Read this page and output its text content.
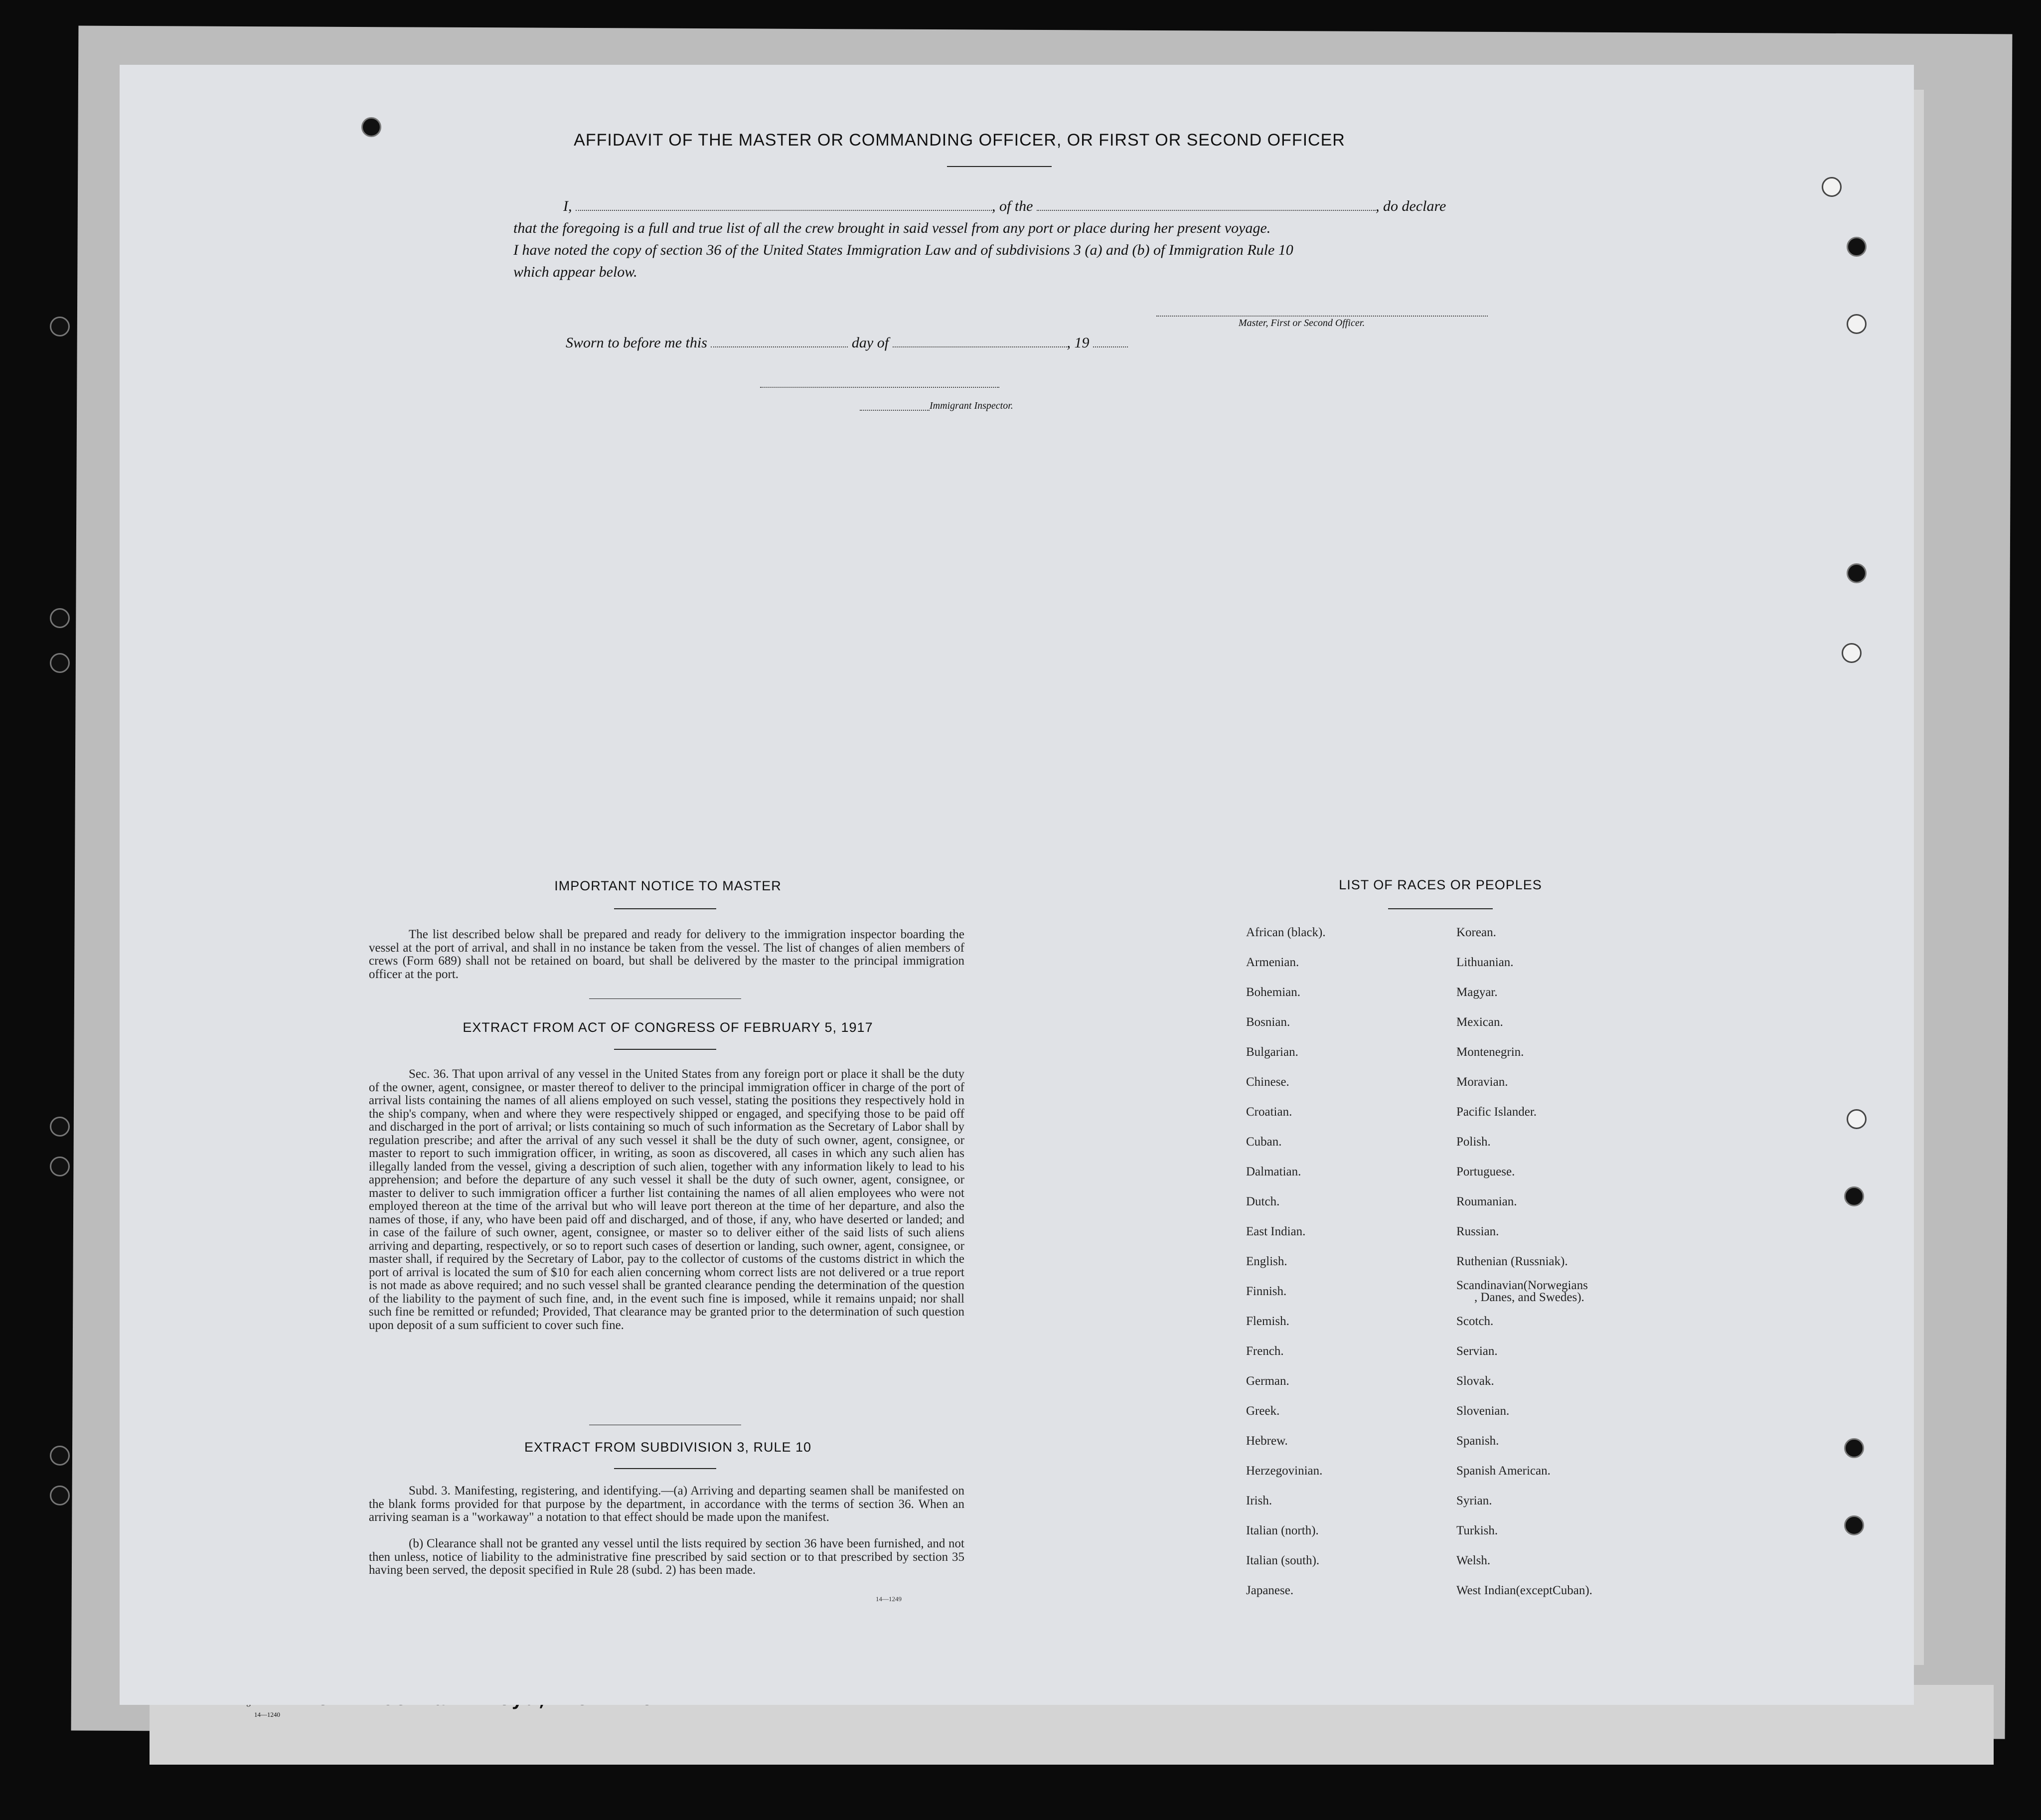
14—1240
AFFIDAVIT OF THE MASTER OR COMMANDING OFFICER, OR FIRST OR SECOND OFFICER
I,	, of the	, do declare
that the foregoing is a full and true list of all the crew brought in said vessel from any port or place during her present voyage.
I have noted the copy of section 36 of the United States Immigration Law and of subdivisions 3 (a) and (b) of Immigration Rule 10
which appear below.
Master, First or Second Officer.
Sworn to before me this	day of	, 19
Immigrant Inspector.
IMPORTANT NOTICE TO MASTER
The list described below shall be prepared and ready for delivery to the immigration inspector boarding the vessel at the port of arrival, and shall in no instance be taken from the vessel. The list of changes of alien members of crews (Form 689) shall not be retained on board, but shall be delivered by the master to the principal immigration officer at the port.
EXTRACT FROM ACT OF CONGRESS OF FEBRUARY 5, 1917
Sec. 36. That upon arrival of any vessel in the United States from any foreign port or place it shall be the duty of the owner, agent, consignee, or master thereof to deliver to the principal immigration officer in charge of the port of arrival lists containing the names of all aliens employed on such vessel, stating the positions they respectively hold in the ship's company, when and where they were respectively shipped or engaged, and specifying those to be paid off and discharged in the port of arrival; or lists containing so much of such information as the Secretary of Labor shall by regulation prescribe; and after the arrival of any such vessel it shall be the duty of such owner, agent, consignee, or master to report to such immigration officer, in writing, as soon as discovered, all cases in which any such alien has illegally landed from the vessel, giving a description of such alien, together with any information likely to lead to his apprehension; and before the departure of any such vessel it shall be the duty of such owner, agent, consignee, or master to deliver to such immigration officer a further list containing the names of all alien employees who were not employed thereon at the time of the arrival but who will leave port thereon at the time of her departure, and also the names of those, if any, who have been paid off and discharged, and of those, if any, who have deserted or landed; and in case of the failure of such owner, agent, consignee, or master so to deliver either of the said lists of such aliens arriving and departing, respectively, or so to report such cases of desertion or landing, such owner, agent, consignee, or master shall, if required by the Secretary of Labor, pay to the collector of customs of the customs district in which the port of arrival is located the sum of $10 for each alien concerning whom correct lists are not delivered or a true report is not made as above required; and no such vessel shall be granted clearance pending the determination of the question of the liability to the payment of such fine, and, in the event such fine is imposed, while it remains unpaid; nor shall such fine be remitted or refunded; Provided, That clearance may be granted prior to the determination of such question upon deposit of a sum sufficient to cover such fine.
EXTRACT FROM SUBDIVISION 3, RULE 10
Subd. 3. Manifesting, registering, and identifying.—(a) Arriving and departing seamen shall be manifested on the blank forms provided for that purpose by the department, in accordance with the terms of section 36. When an arriving seaman is a "workaway" a notation to that effect should be made upon the manifest.
(b) Clearance shall not be granted any vessel until the lists required by section 36 have been furnished, and not then unless, notice of liability to the administrative fine prescribed by said section or to that prescribed by section 35 having been served, the deposit specified in Rule 28 (subd. 2) has been made.
14—1249
LIST OF RACES OR PEOPLES
African (black).
Armenian.
Bohemian.
Bosnian.
Bulgarian.
Chinese.
Croatian.
Cuban.
Dalmatian.
Dutch.
East Indian.
English.
Finnish.
Flemish.
French.
German.
Greek.
Hebrew.
Herzegovinian.
Irish.
Italian (north).
Italian (south).
Japanese.
Korean.
Lithuanian.
Magyar.
Mexican.
Montenegrin.
Moravian.
Pacific Islander.
Polish.
Portuguese.
Roumanian.
Russian.
Ruthenian (Russniak).
Scandinavian(Norwegians
, Danes, and Swedes).
Scotch.
Servian.
Slovak.
Slovenian.
Spanish.
Spanish American.
Syrian.
Turkish.
Welsh.
West Indian(exceptCuban).
